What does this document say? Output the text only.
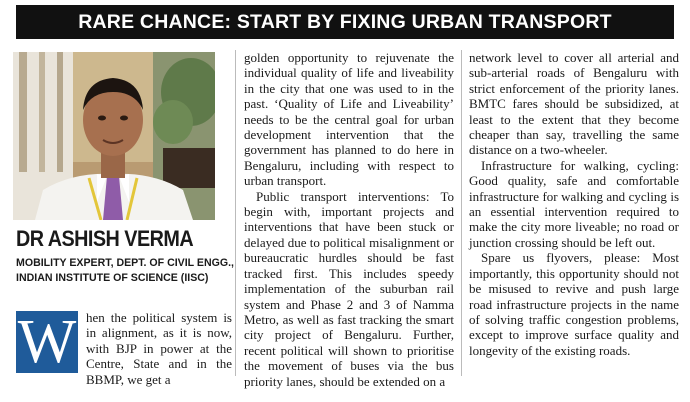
RARE CHANCE: START BY FIXING URBAN TRANSPORT
DR ASHISH VERMA
MOBILITY EXPERT, DEPT. OF CIVIL ENGG., INDIAN INSTITUTE OF SCIENCE (IISC)
W hen the political system is in alignment, as it is now, with BJP in power at the Centre, State and in the BBMP, we get a

golden opportunity to rejuvenate the individual quality of life and liveability in the city that one was used to in the past. ‘Quality of Life and Liveability’ needs to be the central goal for urban development intervention that the government has planned to do here in Bengaluru, including with respect to urban transport.

Public transport interventions: To begin with, important projects and interventions that have been stuck or delayed due to political misalignment or bureaucratic hurdles should be fast tracked first. This includes speedy implementation of the suburban rail system and Phase 2 and 3 of Namma Metro, as well as fast tracking the smart city project of Bengaluru. Further, recent political will shown to prioritise the movement of buses via the bus priority lanes, should be extended on a

network level to cover all arterial and sub-arterial roads of Bengaluru with strict enforcement of the priority lanes. BMTC fares should be subsidized, at least to the extent that they become cheaper than say, travelling the same distance on a two-wheeler.

Infrastructure for walking, cycling: Good quality, safe and comfortable infrastructure for walking and cycling is an essential intervention required to make the city more liveable; no road or junction crossing should be left out.

Spare us flyovers, please: Most importantly, this opportunity should not be misused to revive and push large road infrastructure projects in the name of solving traffic congestion problems, except to improve surface quality and longevity of the existing roads.
